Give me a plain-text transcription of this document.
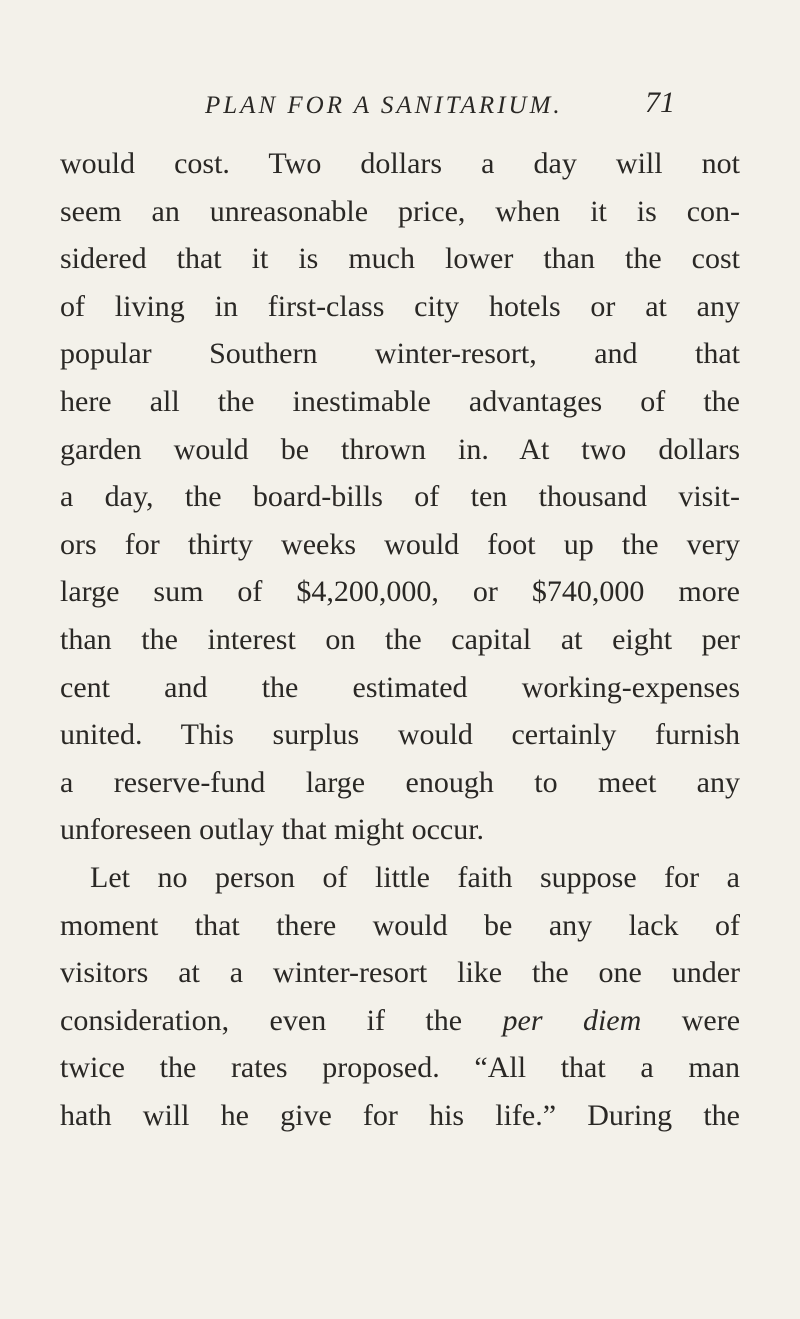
PLAN FOR A SANITARIUM.	71
would cost. Two dollars a day will not
seem an unreasonable price, when it is con-
sidered that it is much lower than the cost
of living in first-class city hotels or at any
popular Southern winter-resort, and that
here all the inestimable advantages of the
garden would be thrown in. At two dollars
a day, the board-bills of ten thousand visit-
ors for thirty weeks would foot up the very
large sum of $4,200,000, or $740,000 more
than the interest on the capital at eight per
cent and the estimated working-expenses
united. This surplus would certainly furnish
a reserve-fund large enough to meet any
unforeseen outlay that might occur.
Let no person of little faith suppose for a
moment that there would be any lack of
visitors at a winter-resort like the one under
consideration, even if the per diem were
twice the rates proposed. “All that a man
hath will he give for his life.” During the
